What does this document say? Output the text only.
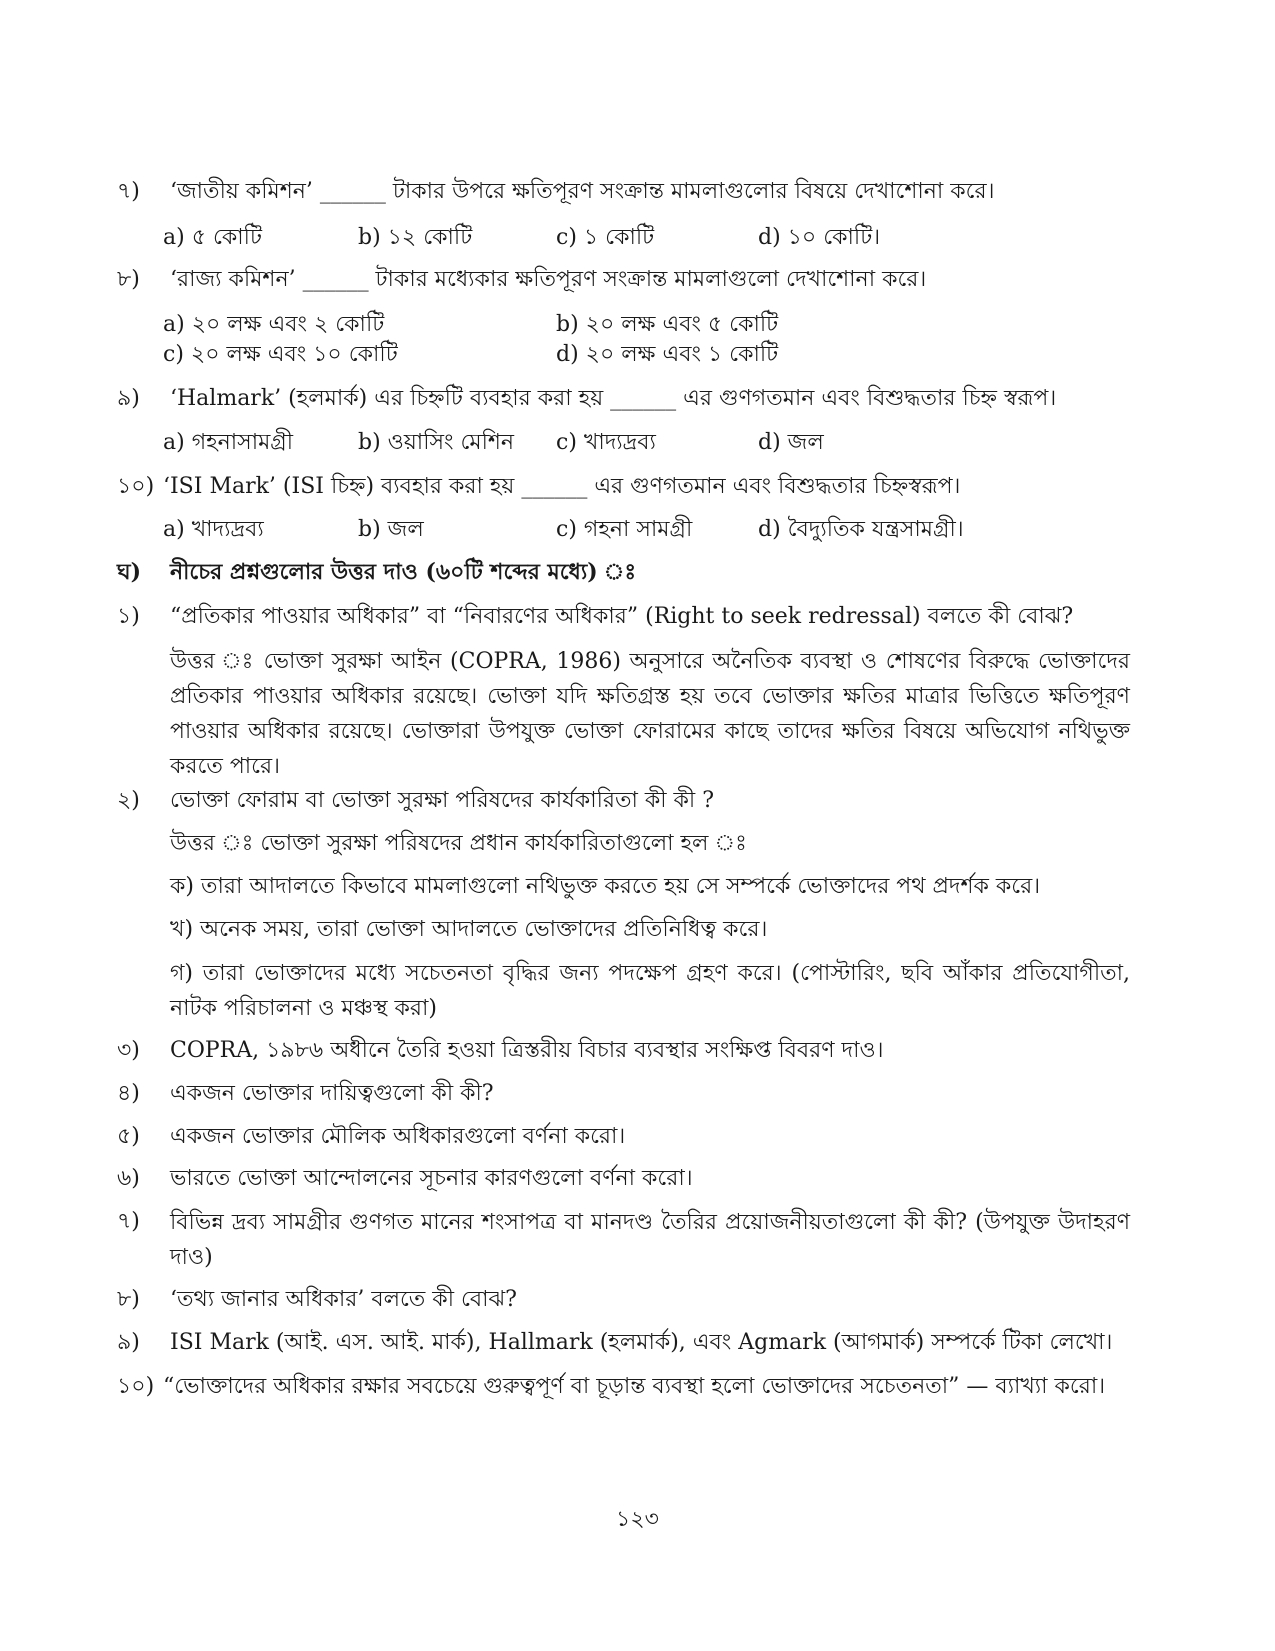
৭) ‘জাতীয় কমিশন’ ______ টাকার উপরে ক্ষতিপূরণ সংক্রান্ত মামলাগুলোর বিষয়ে দেখাশোনা করে।
a) ৫ কোটি	b) ১২ কোটি	c) ১ কোটি	d) ১০ কোটি।
৮) ‘রাজ্য কমিশন’ ______ টাকার মধ্যেকার ক্ষতিপূরণ সংক্রান্ত মামলাগুলো দেখাশোনা করে।
a) ২০ লক্ষ এবং ২ কোটি	b) ২০ লক্ষ এবং ৫ কোটি
c) ২০ লক্ষ এবং ১০ কোটি	d) ২০ লক্ষ এবং ১ কোটি
৯) ‘Halmark’ (হলমার্ক) এর চিহ্নটি ব্যবহার করা হয় ______ এর গুণগতমান এবং বিশুদ্ধতার চিহ্ন স্বরূপ।
a) গহনাসামগ্রী	b) ওয়াসিং মেশিন c) খাদ্যদ্রব্য	d) জল
১০) ‘ISI Mark’ (ISI চিহ্ন) ব্যবহার করা হয় ______ এর গুণগতমান এবং বিশুদ্ধতার চিহ্নস্বরূপ।
a) খাদ্যদ্রব্য	b) জল	c) গহনা সামগ্রী	d) বৈদ্যুতিক যন্ত্রসামগ্রী।
ঘ) নীচের প্রশ্নগুলোর উত্তর দাও (৬০টি শব্দের মধ্যে) ঃ
১) “প্রতিকার পাওয়ার অধিকার” বা “নিবারণের অধিকার” (Right to seek redressal) বলতে কী বোঝ?
উত্তর ঃ ভোক্তা সুরক্ষা আইন (COPRA, 1986) অনুসারে অনৈতিক ব্যবস্থা ও শোষণের বিরুদ্ধে ভোক্তাদের প্রতিকার পাওয়ার অধিকার রয়েছে। ভোক্তা যদি ক্ষতিগ্রস্ত হয় তবে ভোক্তার ক্ষতির মাত্রার ভিত্তিতে ক্ষতিপূরণ পাওয়ার অধিকার রয়েছে। ভোক্তারা উপযুক্ত ভোক্তা ফোরামের কাছে তাদের ক্ষতির বিষয়ে অভিযোগ নথিভুক্ত করতে পারে।
২) ভোক্তা ফোরাম বা ভোক্তা সুরক্ষা পরিষদের কার্যকারিতা কী কী ?
উত্তর ঃ ভোক্তা সুরক্ষা পরিষদের প্রধান কার্যকারিতাগুলো হল ঃ
ক) তারা আদালতে কিভাবে মামলাগুলো নথিভুক্ত করতে হয় সে সম্পর্কে ভোক্তাদের পথ প্রদর্শক করে।
খ) অনেক সময়, তারা ভোক্তা আদালতে ভোক্তাদের প্রতিনিধিত্ব করে।
গ) তারা ভোক্তাদের মধ্যে সচেতনতা বৃদ্ধির জন্য পদক্ষেপ গ্রহণ করে। (পোস্টারিং, ছবি আঁকার প্রতিযোগীতা, নাটক পরিচালনা ও মঞ্চস্থ করা)
৩) COPRA, ১৯৮৬ অধীনে তৈরি হওয়া ত্রিস্তরীয় বিচার ব্যবস্থার সংক্ষিপ্ত বিবরণ দাও।
৪) একজন ভোক্তার দায়িত্বগুলো কী কী?
৫) একজন ভোক্তার মৌলিক অধিকারগুলো বর্ণনা করো।
৬) ভারতে ভোক্তা আন্দোলনের সূচনার কারণগুলো বর্ণনা করো।
৭) বিভিন্ন দ্রব্য সামগ্রীর গুণগত মানের শংসাপত্র বা মানদণ্ড তৈরির প্রয়োজনীয়তাগুলো কী কী? (উপযুক্ত উদাহরণ দাও)
৮) ‘তথ্য জানার অধিকার’ বলতে কী বোঝ?
৯) ISI Mark (আই. এস. আই. মার্ক), Hallmark (হলমার্ক), এবং Agmark (আগমার্ক) সম্পর্কে টিকা লেখো।
১০) “ভোক্তাদের অধিকার রক্ষার সবচেয়ে গুরুত্বপূর্ণ বা চূড়ান্ত ব্যবস্থা হলো ভোক্তাদের সচেতনতা” — ব্যাখ্যা করো।
১২৩
